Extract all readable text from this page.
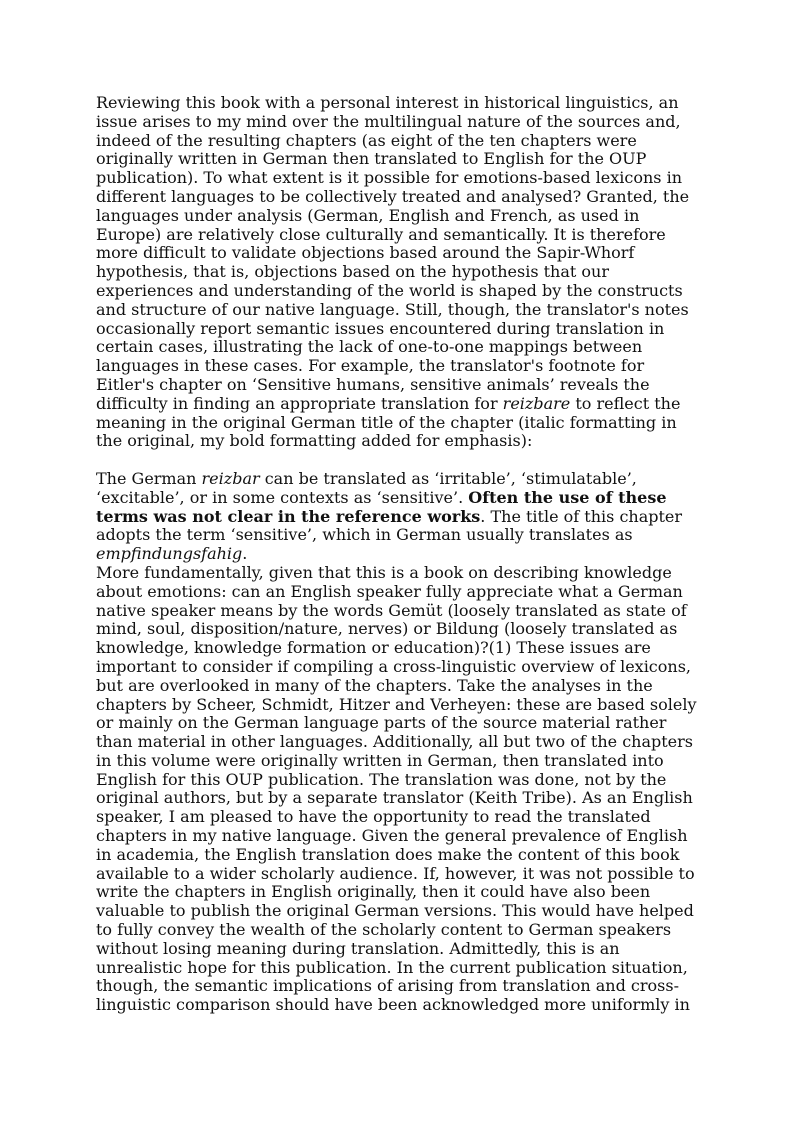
Reviewing this book with a personal interest in historical linguistics, an
issue arises to my mind over the multilingual nature of the sources and,
indeed of the resulting chapters (as eight of the ten chapters were
originally written in German then translated to English for the OUP
publication). To what extent is it possible for emotions-based lexicons in
different languages to be collectively treated and analysed? Granted, the
languages under analysis (German, English and French, as used in
Europe) are relatively close culturally and semantically. It is therefore
more difficult to validate objections based around the Sapir-Whorf
hypothesis, that is, objections based on the hypothesis that our
experiences and understanding of the world is shaped by the constructs
and structure of our native language. Still, though, the translator's notes
occasionally report semantic issues encountered during translation in
certain cases, illustrating the lack of one-to-one mappings between
languages in these cases. For example, the translator's footnote for
Eitler's chapter on ‘Sensitive humans, sensitive animals’ reveals the
difficulty in finding an appropriate translation for reizbare to reflect the
meaning in the original German title of the chapter (italic formatting in
the original, my bold formatting added for emphasis):

The German reizbar can be translated as ‘irritable’, ‘stimulatable’,
‘excitable’, or in some contexts as ‘sensitive’. Often the use of these
terms was not clear in the reference works. The title of this chapter
adopts the term ‘sensitive’, which in German usually translates as
empfindungsfahig.

More fundamentally, given that this is a book on describing knowledge
about emotions: can an English speaker fully appreciate what a German
native speaker means by the words Gemüt (loosely translated as state of
mind, soul, disposition/nature, nerves) or Bildung (loosely translated as
knowledge, knowledge formation or education)?(1) These issues are
important to consider if compiling a cross-linguistic overview of lexicons,
but are overlooked in many of the chapters. Take the analyses in the
chapters by Scheer, Schmidt, Hitzer and Verheyen: these are based solely
or mainly on the German language parts of the source material rather
than material in other languages. Additionally, all but two of the chapters
in this volume were originally written in German, then translated into
English for this OUP publication. The translation was done, not by the
original authors, but by a separate translator (Keith Tribe). As an English
speaker, I am pleased to have the opportunity to read the translated
chapters in my native language. Given the general prevalence of English
in academia, the English translation does make the content of this book
available to a wider scholarly audience. If, however, it was not possible to
write the chapters in English originally, then it could have also been
valuable to publish the original German versions. This would have helped
to fully convey the wealth of the scholarly content to German speakers
without losing meaning during translation. Admittedly, this is an
unrealistic hope for this publication. In the current publication situation,
though, the semantic implications of arising from translation and cross-
linguistic comparison should have been acknowledged more uniformly in
